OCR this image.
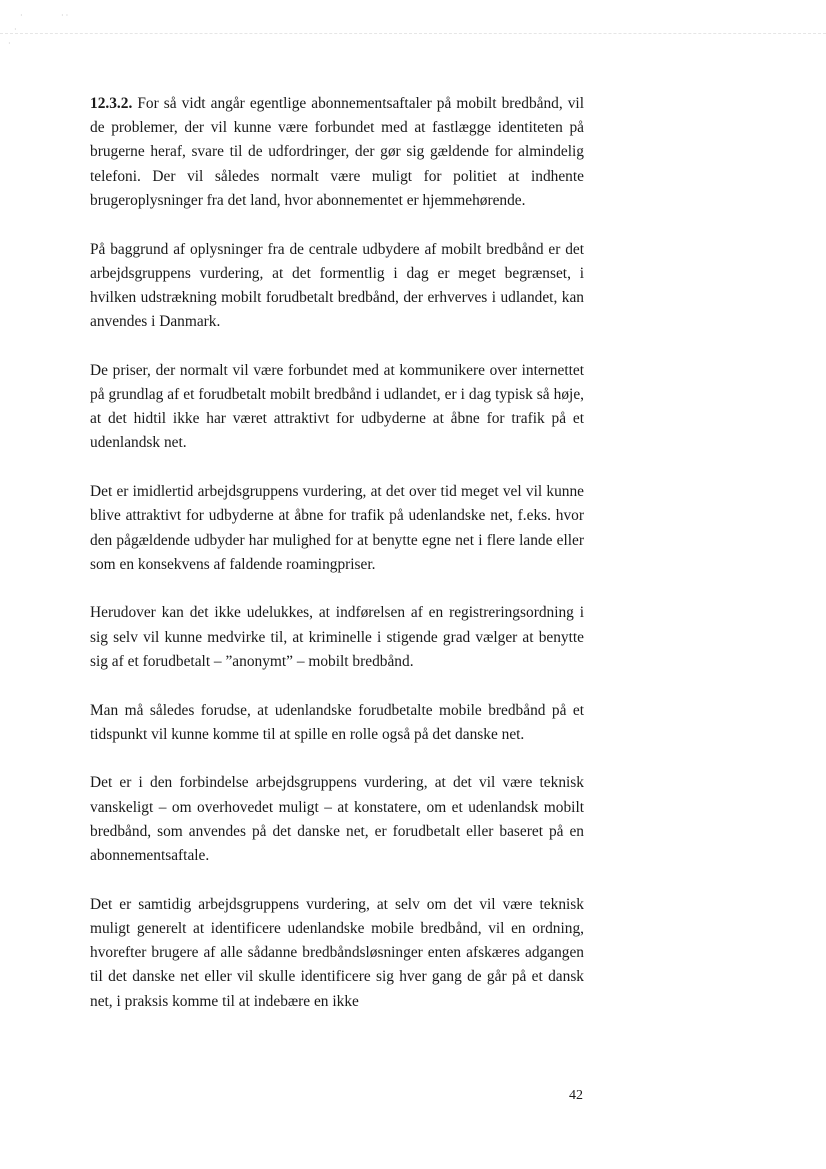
·	· ·
·
·

12.3.2. For så vidt angår egentlige abonnementsaftaler på mobilt bredbånd, vil de problemer, der vil kunne være forbundet med at fastlægge identiteten på brugerne heraf, svare til de udfordringer, der gør sig gældende for almindelig telefoni. Der vil således normalt være muligt for politiet at indhente brugeroplysninger fra det land, hvor abonnementet er hjemmehørende.

På baggrund af oplysninger fra de centrale udbydere af mobilt bredbånd er det arbejdsgruppens vurdering, at det formentlig i dag er meget begrænset, i hvilken udstrækning mobilt forudbetalt bredbånd, der erhverves i udlandet, kan anvendes i Danmark.

De priser, der normalt vil være forbundet med at kommunikere over internettet på grundlag af et forudbetalt mobilt bredbånd i udlandet, er i dag typisk så høje, at det hidtil ikke har været attraktivt for udbyderne at åbne for trafik på et udenlandsk net.

Det er imidlertid arbejdsgruppens vurdering, at det over tid meget vel vil kunne blive attraktivt for udbyderne at åbne for trafik på udenlandske net, f.eks. hvor den pågældende udbyder har mulighed for at benytte egne net i flere lande eller som en konsekvens af faldende roamingpriser.

Herudover kan det ikke udelukkes, at indførelsen af en registreringsordning i sig selv vil kunne medvirke til, at kriminelle i stigende grad vælger at benytte sig af et forudbetalt – ”anonymt” – mobilt bredbånd.

Man må således forudse, at udenlandske forudbetalte mobile bredbånd på et tidspunkt vil kunne komme til at spille en rolle også på det danske net.

Det er i den forbindelse arbejdsgruppens vurdering, at det vil være teknisk vanskeligt – om overhovedet muligt – at konstatere, om et udenlandsk mobilt bredbånd, som anvendes på det danske net, er forudbetalt eller baseret på en abonnementsaftale.

Det er samtidig arbejdsgruppens vurdering, at selv om det vil være teknisk muligt generelt at identificere udenlandske mobile bredbånd, vil en ordning, hvorefter brugere af alle sådanne bredbåndsløsninger enten afskæres adgangen til det danske net eller vil skulle identificere sig hver gang de går på et dansk net, i praksis komme til at indebære en ikke

42
